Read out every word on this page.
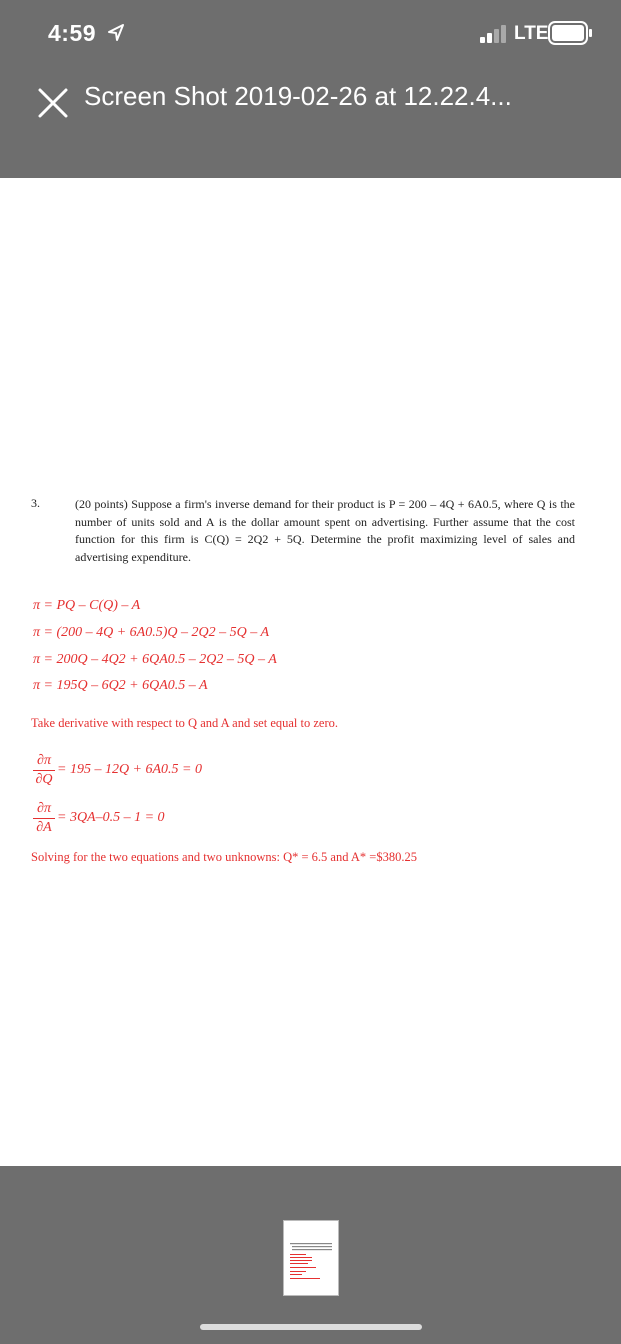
4:59	LTE
Screen Shot 2019-02-26 at 12.22.4...
3.	(20 points) Suppose a firm's inverse demand for their product is P = 200 – 4Q + 6A0.5, where Q is the number of units sold and A is the dollar amount spent on advertising. Further assume that the cost function for this firm is C(Q) = 2Q2 + 5Q. Determine the profit maximizing level of sales and advertising expenditure.
π = PQ – C(Q) – A
π = (200 – 4Q + 6A0.5)Q – 2Q2 – 5Q – A
π = 200Q – 4Q2 + 6QA0.5 – 2Q2 – 5Q – A
π = 195Q – 6Q2 + 6QA0.5 – A
Take derivative with respect to Q and A and set equal to zero.
$\frac{\partial\pi}{\partial Q} = 195 - 12Q + 6A0.5 = 0$
$\frac{\partial\pi}{\partial A} = 3QA-0.5 - 1 = 0$
Solving for the two equations and two unknowns: Q* = 6.5 and A* =$380.25
